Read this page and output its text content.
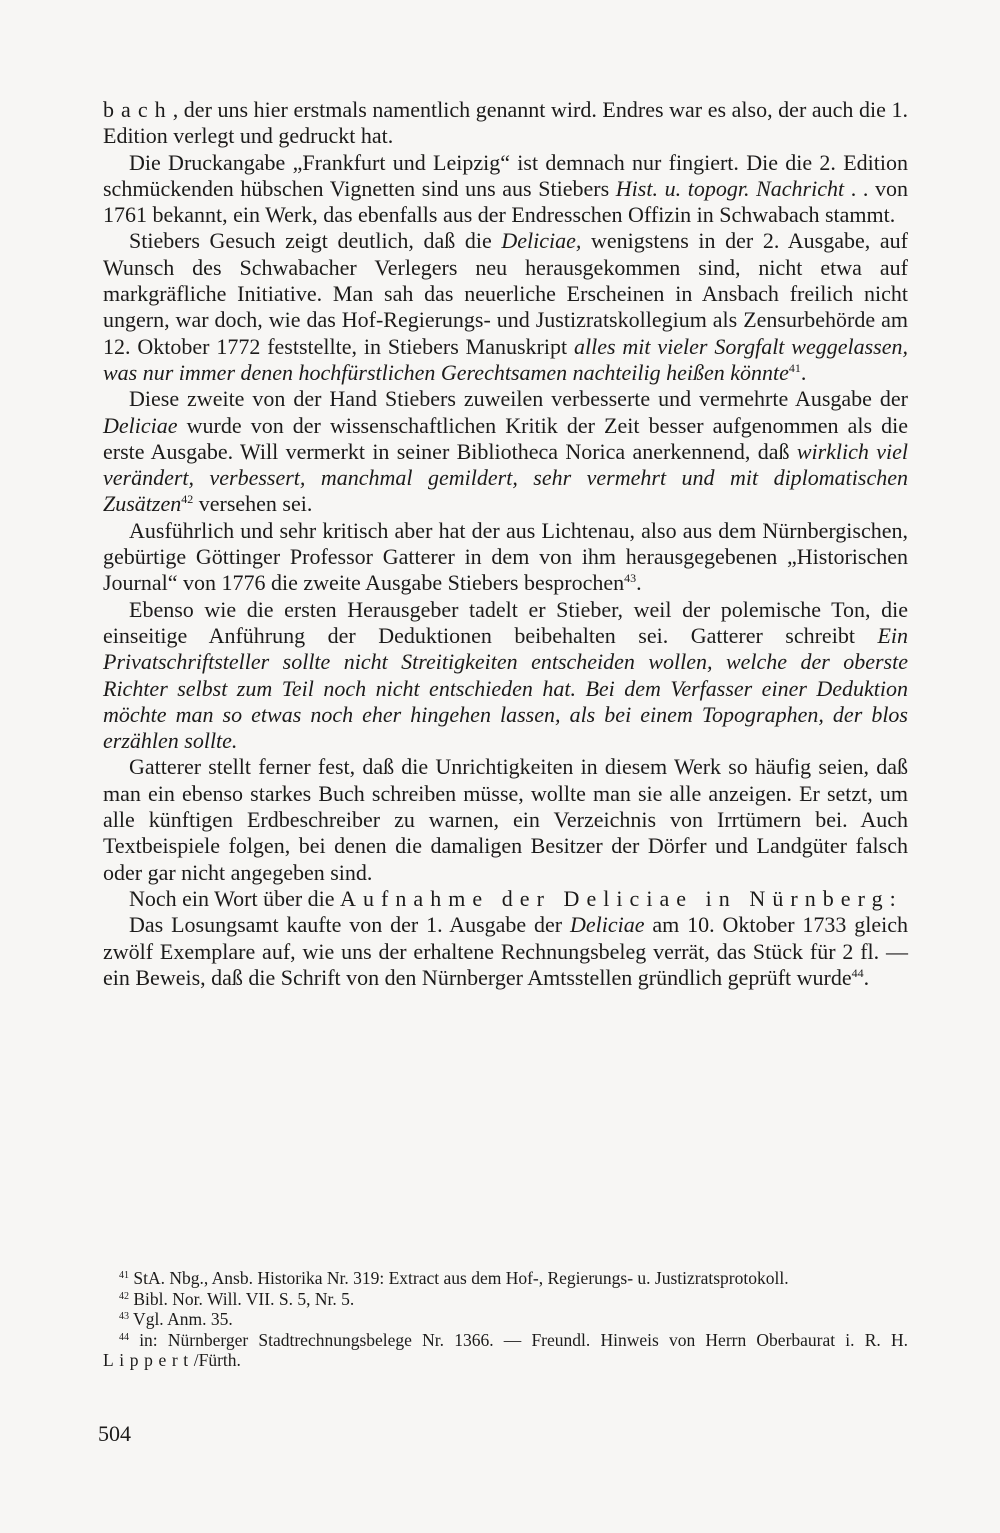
bach, der uns hier erstmals namentlich genannt wird. Endres war es also, der auch die 1. Edition verlegt und gedruckt hat.

Die Druckangabe „Frankfurt und Leipzig“ ist demnach nur fingiert. Die die 2. Edition schmückenden hübschen Vignetten sind uns aus Stiebers Hist. u. topogr. Nachricht . . von 1761 bekannt, ein Werk, das ebenfalls aus der Endresschen Offizin in Schwabach stammt.

Stiebers Gesuch zeigt deutlich, daß die Deliciae, wenigstens in der 2. Ausgabe, auf Wunsch des Schwabacher Verlegers neu herausgekommen sind, nicht etwa auf markgräfliche Initiative. Man sah das neuerliche Erscheinen in Ansbach freilich nicht ungern, war doch, wie das Hof-Regierungs- und Justizratskollegium als Zensurbehörde am 12. Oktober 1772 feststellte, in Stiebers Manuskript alles mit vieler Sorgfalt weggelassen, was nur immer denen hochfürstlichen Gerechtsamen nachteilig heißen könnte$^{41}$.

Diese zweite von der Hand Stiebers zuweilen verbesserte und vermehrte Ausgabe der Deliciae wurde von der wissenschaftlichen Kritik der Zeit besser aufgenommen als die erste Ausgabe. Will vermerkt in seiner Bibliotheca Norica anerkennend, daß wirklich viel verändert, verbessert, manchmal gemildert, sehr vermehrt und mit diplomatischen Zusätzen$^{42}$ versehen sei.

Ausführlich und sehr kritisch aber hat der aus Lichtenau, also aus dem Nürnbergischen, gebürtige Göttinger Professor Gatterer in dem von ihm herausgegebenen „Historischen Journal“ von 1776 die zweite Ausgabe Stiebers besprochen$^{43}$.

Ebenso wie die ersten Herausgeber tadelt er Stieber, weil der polemische Ton, die einseitige Anführung der Deduktionen beibehalten sei. Gatterer schreibt Ein Privatschriftsteller sollte nicht Streitigkeiten entscheiden wollen, welche der oberste Richter selbst zum Teil noch nicht entschieden hat. Bei dem Verfasser einer Deduktion möchte man so etwas noch eher hingehen lassen, als bei einem Topographen, der blos erzählen sollte.

Gatterer stellt ferner fest, daß die Unrichtigkeiten in diesem Werk so häufig seien, daß man ein ebenso starkes Buch schreiben müsse, wollte man sie alle anzeigen. Er setzt, um alle künftigen Erdbeschreiber zu warnen, ein Verzeichnis von Irrtümern bei. Auch Textbeispiele folgen, bei denen die damaligen Besitzer der Dörfer und Landgüter falsch oder gar nicht angegeben sind.

Noch ein Wort über die Aufnahme der Deliciae in Nürnberg:

Das Losungsamt kaufte von der 1. Ausgabe der Deliciae am 10. Oktober 1733 gleich zwölf Exemplare auf, wie uns der erhaltene Rechnungsbeleg verrät, das Stück für 2 fl. — ein Beweis, daß die Schrift von den Nürnberger Amtsstellen gründlich geprüft wurde$^{44}$.

$^{41}$ StA. Nbg., Ansb. Historika Nr. 319: Extract aus dem Hof-, Regierungs- u. Justizratsprotokoll.

$^{42}$ Bibl. Nor. Will. VII. S. 5, Nr. 5.

$^{43}$ Vgl. Anm. 35.

$^{44}$ in: Nürnberger Stadtrechnungsbelege Nr. 1366. — Freundl. Hinweis von Herrn Oberbaurat i. R. H. Lippert/Fürth.

504
